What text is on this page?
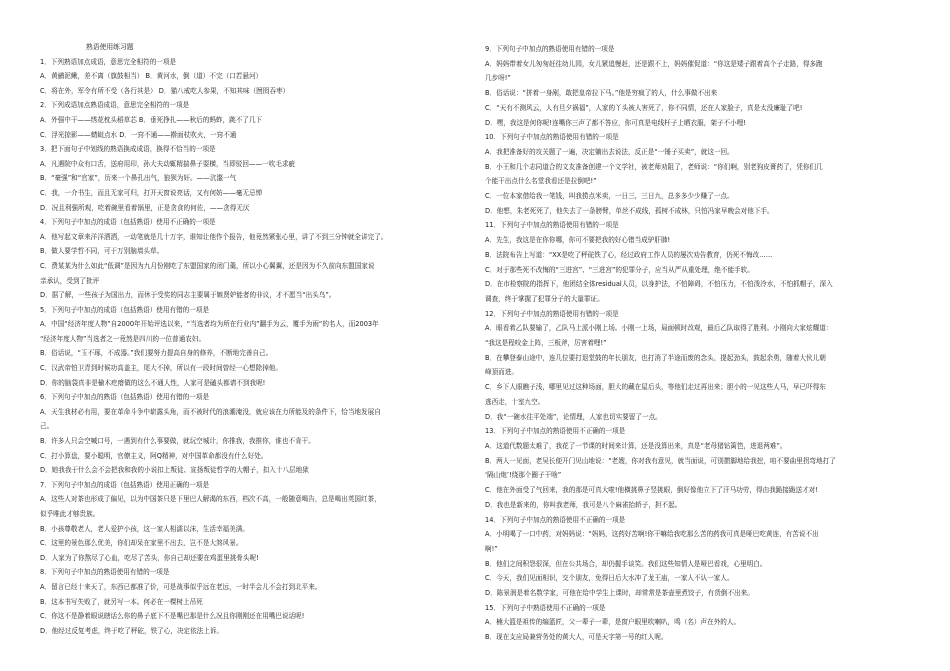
熟语使用练习题
1．下列熟语加点成语，意思完全相符的一项是
A．黄鹂泥鳅，差不离（旗鼓相当） B．黄河水，倒（道）不完（口若悬河）
C．将在外，军令有所不受（各行其是） D．猫八戒吃人参果，不知其味（囫囵吞枣）
2．下列成语加点熟语成语，意思完全相符的一项是
A．外强中干——绣花枕头稻草芯 B．垂死挣扎——秋后的蚂蚱，跳不了几下
C．浮光掠影——蜻蜓点水 D．一窍不通——擀面杖吹火，一窍不通
3．把下面句子中划线的熟语换成成语，换得不恰当的一项是
A．凡遇院中众有口舌，送府用印，孙大夫动辄精揣鼻子耍横，当即驳回——一吹毛求疵
B．“豪强”和“官家”，历来一个鼻孔出气，狼狈为奸。——沆瀣一气
C．我，一介书生，而且无家可归，打开天窗说亮话，又有何妨——毫无忌惮
D．况且利强所观，吃着碗里看着锅里，正是贪食的何佐，——贪得无厌
4．下列句子中加点的成语（包括熟语）使用不正确的一项是
A．他写起文章来洋洋洒洒，一动笔就是几十万字，谁知让他作个报告，他竟然紧张心里，讲了不到三分钟就全讲完了。
B．做人要学哲不同，可于万别脑墙头草。
C．费某某为什么如此“低调”是因为九月份刚吃了东盟国家的闭门羹，所以小心翼翼，还是因为不久前向东盟国家说
亲承认，受到了批评
D．据了解，一些孩子为国出力，而休于受奖的同志主要属于嫉贤妒能者的非议，才不愿当“出头鸟”。
5．下列句子中加点的成语（包括熟语）使用有错的一项是
A．中国“经济年度人物”自2000年开始评选以来，“当选者均为所在行业内”翻手为云，覆手为雨“的名人，而2003年
“经济年度人物”当选者之一竟然是四川的一位普通农妇。
B．俗话说，“玉不琢，不成器。”我们要努力提高自身的修养，不断地完善自己。
C．汉武帝怕卫青到时候功高盖主，尾大不掉，所以有一段时间曾经一心想除掉他。
D．你的脑袋真非是榆木疙瘩做的这么不通人性，人家可是磕头都请不到我呢!
6．下列句子中加点的熟语（包括熟语）使用有错的一项是
A．天生我材必有用，要在革命斗争中崭露头角，而不被时代的浪潮淹没，就应该在力所能及的条件下，恰当地发展自
己。
B．许多人只会空喊口号，一遇到有什么事要做，就玩空城计，你推我，我推你，谁也不肯干。
C．打小算盘，要小聪明，官僚主义，阿Q精神，对中国革命都没有什么好处。
D．她我我于什么会不会把我和我的小说扣上叛徒、宣扬叛徒哲学的大帽子，扣入十八层地狱
7．下列句子中加点的成语（包括熟语）使用正确的一项是
A．这些人对茶也形成了偏见，以为中国茶只是下里巴人解渴的东西，档次不高，一般随意喝告，总是喝出英国红茶，
似乎唯此才够贵族。
B．小孩尊敬老人，老人爱护小孩，这一家人相濡以沫，生活幸福美满。
C．这里的景色那么优美，你们却呆在家里不出去，岂不是大煞风景。
D．人家为了你熬尽了心血，吃尽了苦头，你自己却还要在鸡蛋里挑骨头呢!
8．下列句子中加点的熟语使用有错的一项是
A．留言已经十来天了，东西已都准了价，可是战事似乎远在老远，一时半会儿不会打到北平来。
B．这本书写失败了，就另写一本。何必在一棵树上吊死
C．你这不是静着眼说瞎话么你的鼻子底下不是嘴巴那是什么况且你刚刚还在用嘴巴说话呢!
D．他经过反复考虑，终于吃了秤砣，铁了心，决定依法上诉。
9．下列句子中加点的熟语使用有错的一项是
A．妈妈带着女儿匆匆赶往幼儿园，女儿紧追慢赶，还是跟不上，妈妈催促道：“你这是矮子跟着高个子走路，得多跑
几步呀!”
B．俗话说：“拼着一身剐，敢把皇帝拉下马。”他是穷疯了的人，什么事做不出来
C．“天有不测风云，人有旦夕祸福”，人家的丫头被人害死了，你不同情，还在人家脸子，真是太没廉耻了吧!
D．嘿，我这是何你呢!连嘴你三声了都不答应，你可真是电线杆子上晒衣服，架子不小哩!
10．下列句子中加点的熟语使用有错的一项是
A．我把准备好的攻关题了一遍，决定躺出去说法，反正是“一锤子买卖”，就这一回。
B．小王和几个志同道合的文友准备创建一个文学社，被老师劝阻了，老师说：“你们啊，别老狗皮膏药了，凭你们几
个能干出点什么名堂我看还是拉倒吧!”
C．一位本家借给我一笔钱，叫我捞点米卖，一日三，三日九，总多多少少赚了一点。
D．他想，朱老死死了，他失去了一条膀臂，单丝不成线，孤树不成林，只怕冯家早晚会对他下手。
11．下列句子中加点的熟语使用有错的一项是
A．先生，我这是在你你哪，你可不要把我的好心错当成驴肝肺!
B．法院布告上写道：“XX是吃了秤砣铁了心，经过政府工作人员的屡次劝告教育，仍死不悔改……
C．对于那些死不改悔的“三进宫”、“三进宫”的犯罪分子，应当从严从重处理，绝不能手软。
D．在市检察院的指挥下，他团结全体residual人员，以身护法，不怕障碍，不怕压力，不怕泼冷水，不怕抓帽子，深入
调查，终于掌握了犯罪分子的大量罪证。
12．下列句子中加点的熟语使用有错的一项是
A．眼看着乙队要输了，乙队马上派小刚上场。小刚一上场，局面顿时改观，最后乙队取得了胜利。小刚向大家炫耀道：
“我这是程咬金上阵，三板斧，厉害着哩!”
B．在攀登泰山途中，连几位要打退堂鼓的年长朋友，也打消了半途而废的念头，提起劲头，鼓起余勇，随着大伙儿朝
峰顶而进。
C．乡下人眼瞧子浅，哪里见过这种场面，胆大的藏在屋后头，等他们走过再出来；胆小的一见这些人马，早已吓得东
逃西走，十室九空。
D．我“一碗水往平处端”，论情理，人家也切实要留了一点。
13．下列句子中加点的熟语使用不正确的一项是
A．这道代数题太难了，我花了一节课的时间来计算，还是没算出来，真是“老母猪钻篱笆，进退两难”。
B．两人一见面，老吴长便开门见山地说：“老嫂，你对我有意见，就当面说，可别掼脚地给我挖，咱不要曲里拐弯地打了
‘隔山炮’!绕那个圈子干啥”
C．他在外面受了气回来，我的那是可真大啦!他横挑鼻子竖挑眼，倒好像他立下了汗马功劳，得由我跪接跪送才对!
D．我也是新来的，你叫我老师，我可是八个麻雀抬轿子，担不起。
14．下列句子中加点的熟语使用不正确的一项是
A．小明喝了一口中药，对妈妈说：“妈妈，这药好苦啊!你干嘛给我吃那么苦的药我可真是哑巴吃黄连，有苦说不出
啊!”
B．他们之间积怨很深，但在公共场合，却仍握手谈笑。我们这些知情人是哑巴看戏，心里明白。
C．今天，我们见面相识，交个朋友，免得日后大水冲了龙王庙，一家人不认一家人。
D．陈景润是着名数学家，可他在给中学生上课时，却常常是茶壶里煮饺子，有货倒不出来。
15．下列句子中熟语使用不正确的一项是
A．楠大篮是祖传的编篮匠，父一辈子一辈，是窗户眼里吹喇叭，鸣（名）声在外的人。
B．现在支应局兼营务处的黄大人，可是天字第一号的红人呢。
